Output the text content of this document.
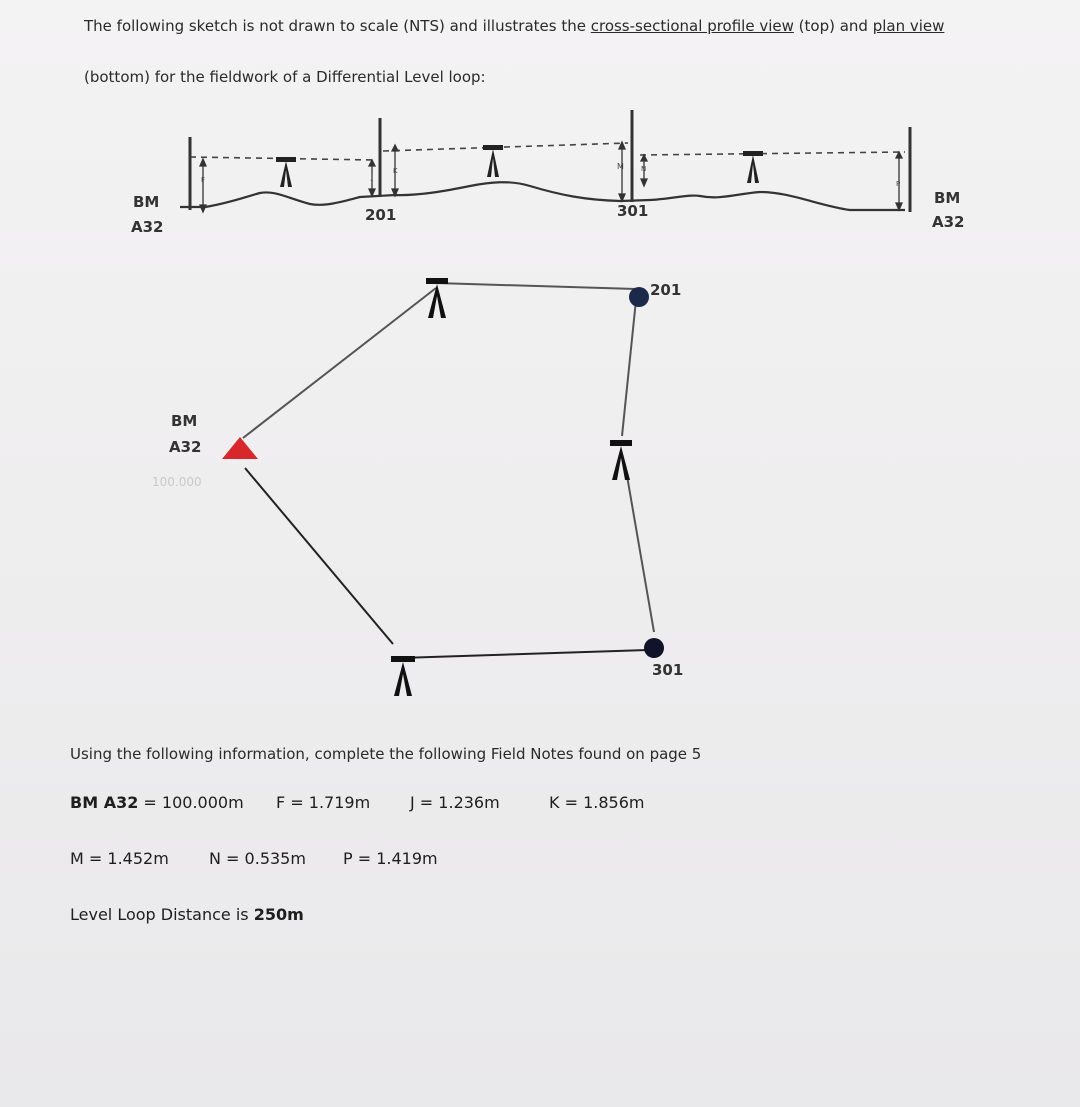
The following sketch is not drawn to scale (NTS) and illustrates the cross-sectional profile view (top) and plan view
(bottom) for the fieldwork of a Differential Level loop:
BM
A32
201	301
BM
A32
F	J
K	M N
P
BM
A32
100.000
201
301
Using the following information, complete the following Field Notes found on page 5
BM A32 = 100.000m F = 1.719m J = 1.236m	K = 1.856m
M = 1.452m	N = 0.535m P = 1.419m
Level Loop Distance is 250m
